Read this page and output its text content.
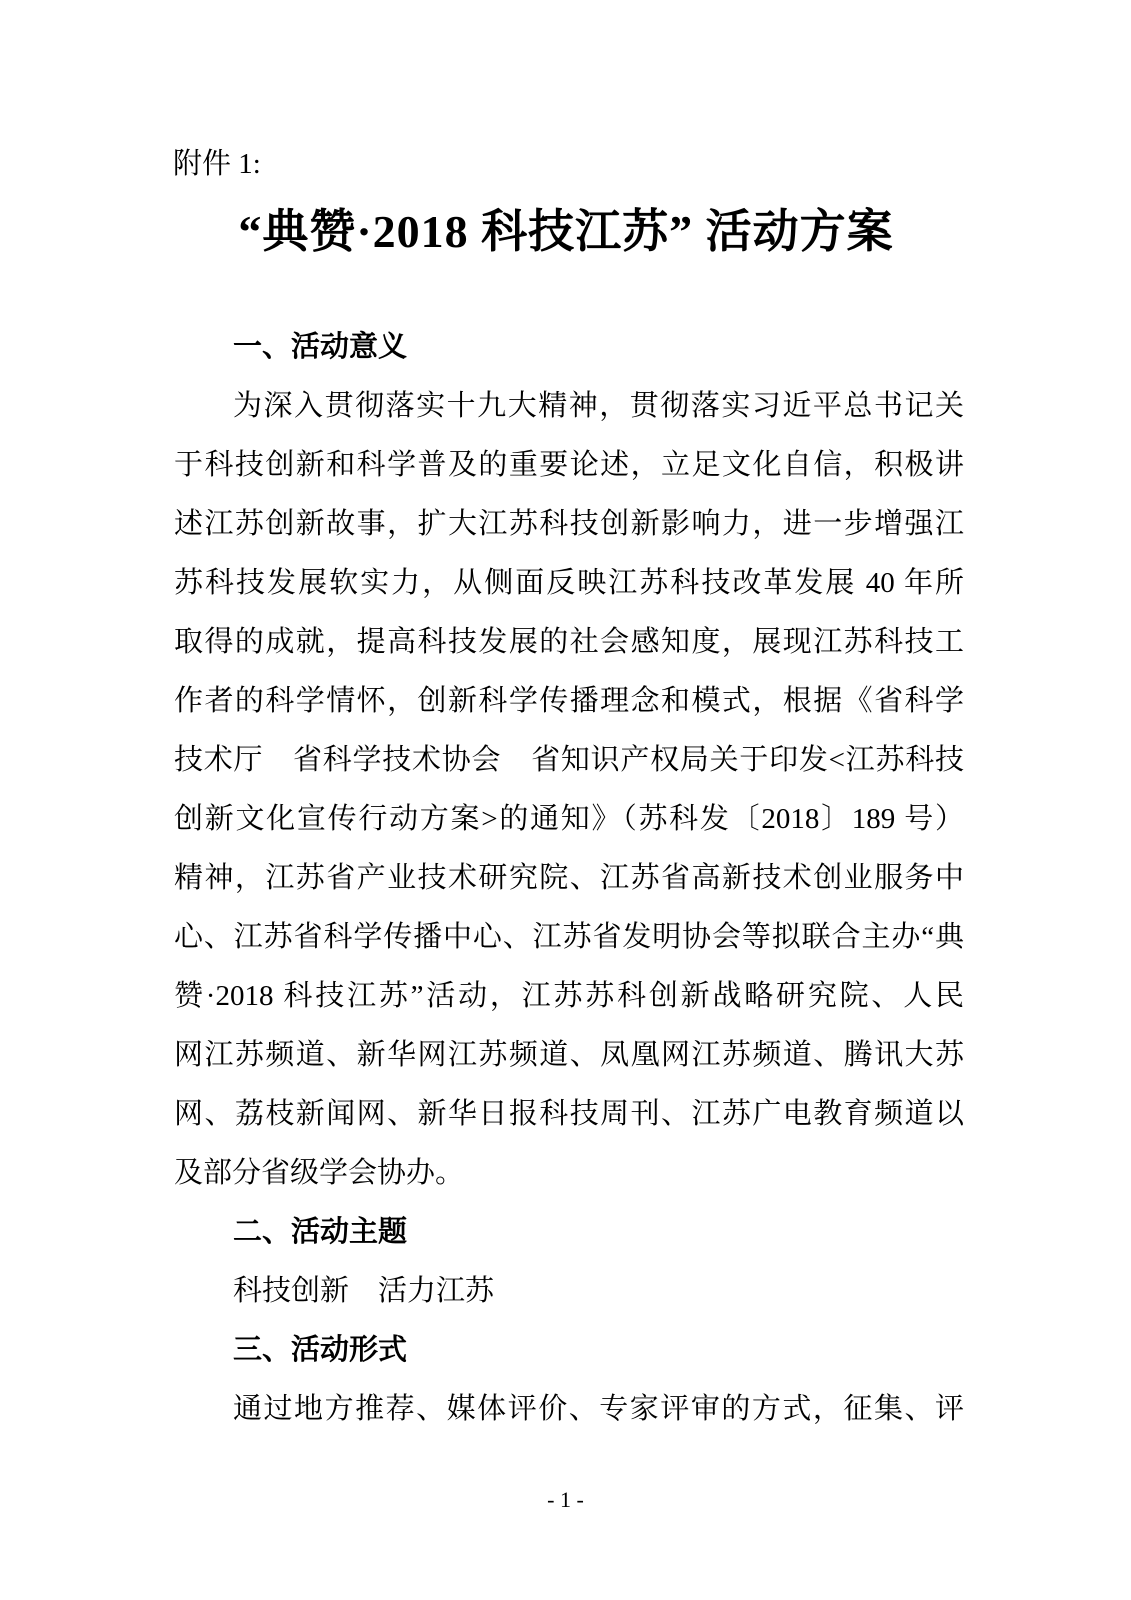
附件 1:
“典赞·2018 科技江苏” 活动方案
一、活动意义
为深入贯彻落实十九大精神，贯彻落实习近平总书记关
于科技创新和科学普及的重要论述，立足文化自信，积极讲
述江苏创新故事，扩大江苏科技创新影响力，进一步增强江
苏科技发展软实力，从侧面反映江苏科技改革发展 40 年所
取得的成就，提高科技发展的社会感知度，展现江苏科技工
作者的科学情怀，创新科学传播理念和模式，根据《省科学
技术厅　省科学技术协会　省知识产权局关于印发<江苏科技
创新文化宣传行动方案>的通知》（苏科发〔2018〕189 号）
精神，江苏省产业技术研究院、江苏省高新技术创业服务中
心、江苏省科学传播中心、江苏省发明协会等拟联合主办“典
赞·2018 科技江苏”活动，江苏苏科创新战略研究院、人民
网江苏频道、新华网江苏频道、凤凰网江苏频道、腾讯大苏
网、荔枝新闻网、新华日报科技周刊、江苏广电教育频道以
及部分省级学会协办。
二、活动主题
科技创新　活力江苏
三、活动形式
通过地方推荐、媒体评价、专家评审的方式，征集、评
- 1 -
